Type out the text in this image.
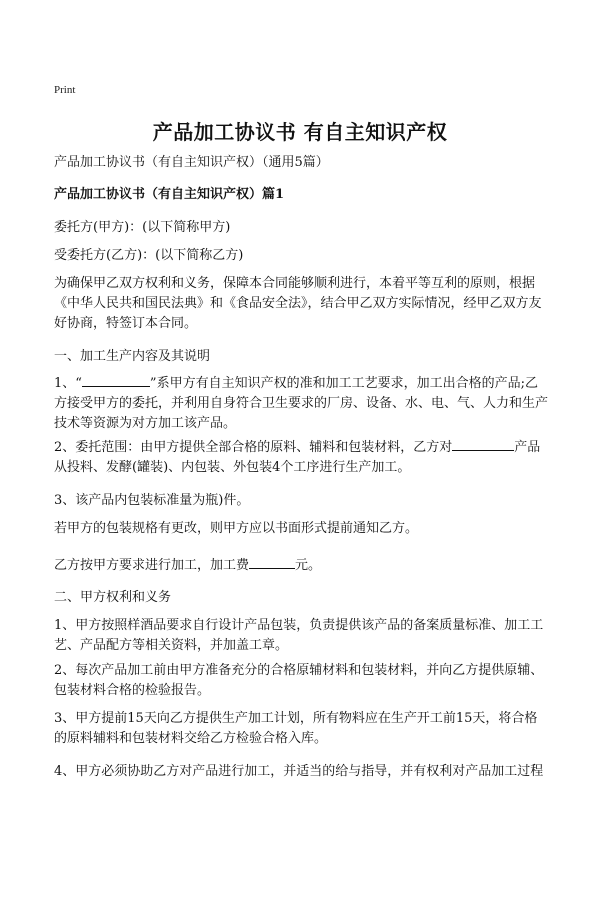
Print
产品加工协议书 有自主知识产权
产品加工协议书（有自主知识产权）（通用5篇）
产品加工协议书（有自主知识产权）篇1
委托方(甲方)：(以下简称甲方)
受委托方(乙方)：(以下简称乙方)
为确保甲乙双方权利和义务，保障本合同能够顺利进行，本着平等互利的原则，根据《中华人民共和国民法典》和《食品安全法》，结合甲乙双方实际情况，经甲乙双方友好协商，特签订本合同。
一、加工生产内容及其说明
1、“	”系甲方有自主知识产权的准和加工工艺要求，加工出合格的产品;乙方接受甲方的委托，并利用自身符合卫生要求的厂房、设备、水、电、气、人力和生产技术等资源为对方加工该产品。
2、委托范围：由甲方提供全部合格的原料、辅料和包装材料，乙方对	产品从投料、发酵(罐装)、内包装、外包装4个工序进行生产加工。
3、该产品内包装标准量为瓶)件。
若甲方的包装规格有更改，则甲方应以书面形式提前通知乙方。
乙方按甲方要求进行加工，加工费	元。
二、甲方权利和义务
1、甲方按照样酒品要求自行设计产品包装，负责提供该产品的备案质量标准、加工工艺、产品配方等相关资料，并加盖工章。
2、每次产品加工前由甲方准备充分的合格原辅材料和包装材料，并向乙方提供原辅、包装材料合格的检验报告。
3、甲方提前15天向乙方提供生产加工计划，所有物料应在生产开工前15天，将合格的原料辅料和包装材料交给乙方检验合格入库。
4、甲方必须协助乙方对产品进行加工，并适当的给与指导，并有权利对产品加工过程
